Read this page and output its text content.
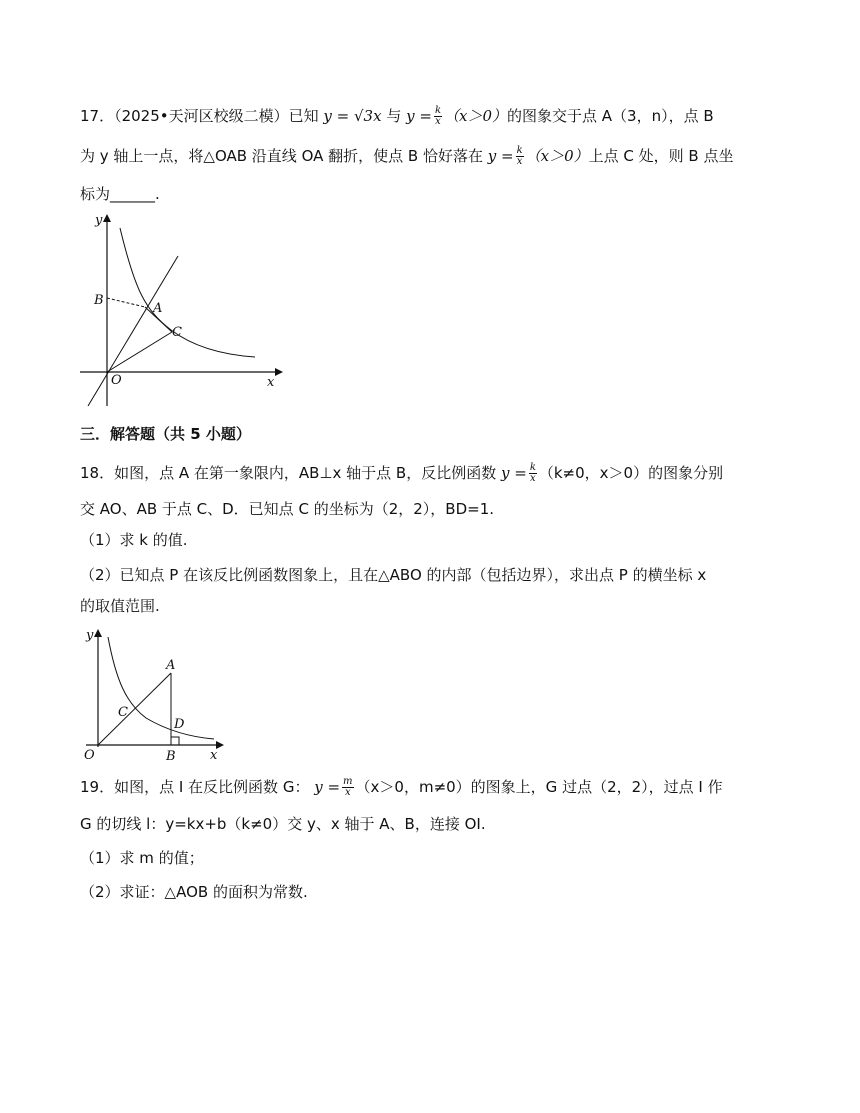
17．（2025•天河区校级二模）已知 y = √3x 与 $y = \frac{k}{x} (x>0)$的图象交于点 A（3，n），点 B
为 y 轴上一点，将△OAB 沿直线 OA 翻折，使点 B 恰好落在 $y = \frac{k}{x} (x>0)$上点 C 处，则 B 点坐
标为______.
y
x
O
B
A
C
三．解答题（共 5 小题）
18．如图，点 A 在第一象限内，AB⊥x 轴于点 B，反比例函数 $y = \frac{k}{x} (k\ne 0$，x＞0）的图象分别
交 AO、AB 于点 C、D．已知点 C 的坐标为（2，2），BD=1.
（1）求 k 的值.
（2）已知点 P 在该反比例函数图象上，且在△ABO 的内部（包括边界），求出点 P 的横坐标 x
的取值范围.
y
x
O
A
B
C
D
19．如图，点 I 在反比例函数 G： $y = \frac{m}{x} (x>0$，m≠0）的图象上，G 过点（2，2），过点 I 作
G 的切线 l：y=kx+b（k≠0）交 y、x 轴于 A、B，连接 OI.
（1）求 m 的值；
（2）求证：△AOB 的面积为常数.
